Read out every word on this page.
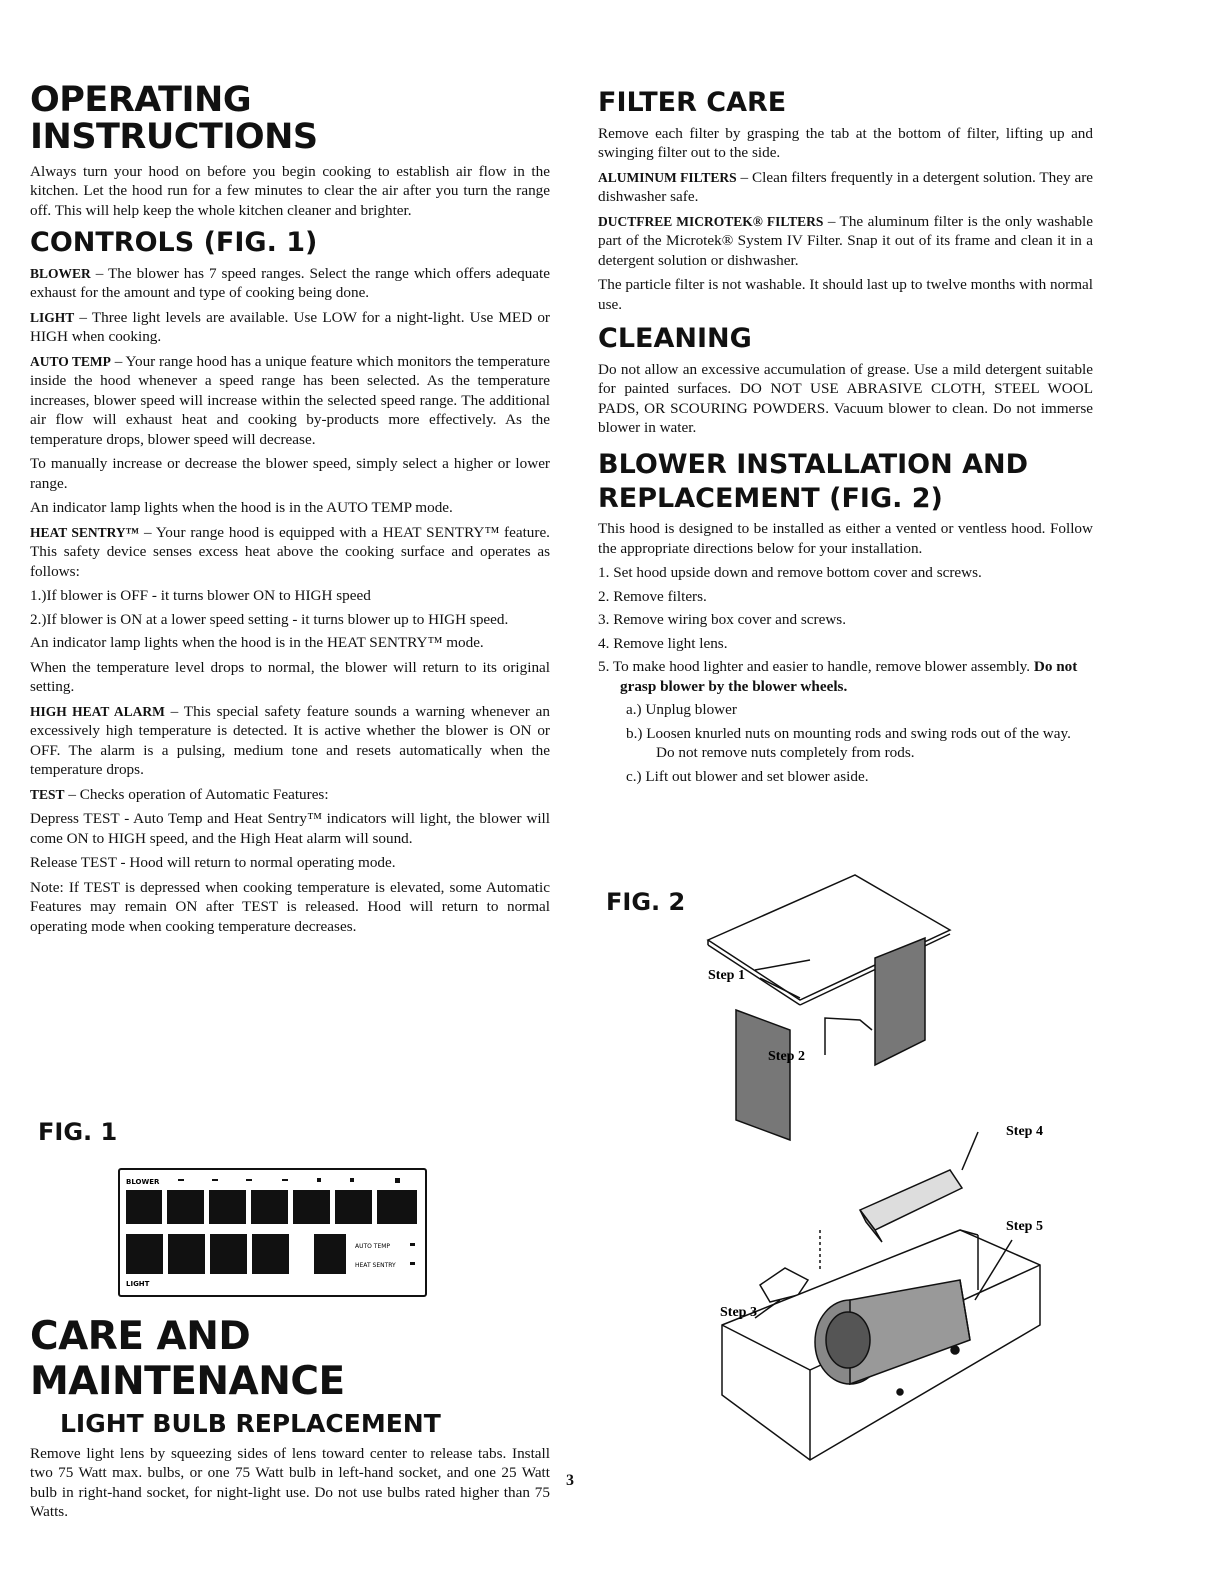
OPERATING INSTRUCTIONS

Always turn your hood on before you begin cooking to establish air flow in the kitchen. Let the hood run for a few minutes to clear the air after you turn the range off. This will help keep the whole kitchen cleaner and brighter.

CONTROLS (FIG. 1)

BLOWER – The blower has 7 speed ranges. Select the range which offers adequate exhaust for the amount and type of cooking being done.

LIGHT – Three light levels are available. Use LOW for a night-light. Use MED or HIGH when cooking.

AUTO TEMP – Your range hood has a unique feature which monitors the temperature inside the hood whenever a speed range has been selected. As the temperature increases, blower speed will increase within the selected speed range. The additional air flow will exhaust heat and cooking by-products more effectively. As the temperature drops, blower speed will decrease.

To manually increase or decrease the blower speed, simply select a higher or lower range.

An indicator lamp lights when the hood is in the AUTO TEMP mode.

HEAT SENTRY™ – Your range hood is equipped with a HEAT SENTRY™ feature. This safety device senses excess heat above the cooking surface and operates as follows:

1.)If blower is OFF - it turns blower ON to HIGH speed
2.)If blower is ON at a lower speed setting - it turns blower up to HIGH speed.

An indicator lamp lights when the hood is in the HEAT SENTRY™ mode.

When the temperature level drops to normal, the blower will return to its original setting.

HIGH HEAT ALARM – This special safety feature sounds a warning whenever an excessively high temperature is detected. It is active whether the blower is ON or OFF. The alarm is a pulsing, medium tone and resets automatically when the temperature drops.

TEST – Checks operation of Automatic Features:

Depress TEST - Auto Temp and Heat Sentry™ indicators will light, the blower will come ON to HIGH speed, and the High Heat alarm will sound.

Release TEST - Hood will return to normal operating mode.

Note: If TEST is depressed when cooking temperature is elevated, some Automatic Features may remain ON after TEST is released. Hood will return to normal operating mode when cooking temperature decreases.

FIG. 1
BLOWER
AUTO TEMP
HEAT SENTRY
LIGHT
CARE AND MAINTENANCE
LIGHT BULB REPLACEMENT

Remove light lens by squeezing sides of lens toward center to release tabs. Install two 75 Watt max. bulbs, or one 75 Watt bulb in left-hand socket, and one 25 Watt bulb in right-hand socket, for night-light use. Do not use bulbs rated higher than 75 Watts.

FILTER CARE

Remove each filter by grasping the tab at the bottom of filter, lifting up and swinging filter out to the side.

ALUMINUM FILTERS – Clean filters frequently in a detergent solution. They are dishwasher safe.

DUCTFREE MICROTEK® FILTERS – The aluminum filter is the only washable part of the Microtek® System IV Filter. Snap it out of its frame and clean it in a detergent solution or dishwasher.

The particle filter is not washable. It should last up to twelve months with normal use.

CLEANING

Do not allow an excessive accumulation of grease. Use a mild detergent suitable for painted surfaces. DO NOT USE ABRASIVE CLOTH, STEEL WOOL PADS, OR SCOURING POWDERS. Vacuum blower to clean. Do not immerse blower in water.

BLOWER INSTALLATION AND
REPLACEMENT (FIG. 2)

This hood is designed to be installed as either a vented or ventless hood. Follow the appropriate directions below for your installation.

1. Set hood upside down and remove bottom cover and screws.
2. Remove filters.
3. Remove wiring box cover and screws.
4. Remove light lens.
5. To make hood lighter and easier to handle, remove blower assembly. Do not grasp blower by the blower wheels.
a.) Unplug blower
b.) Loosen knurled nuts on mounting rods and swing rods out of the way. Do not remove nuts completely from rods.
c.) Lift out blower and set blower aside.
FIG. 2
Step 1
Step 2
Step 4
Step 5
Step 3
3
